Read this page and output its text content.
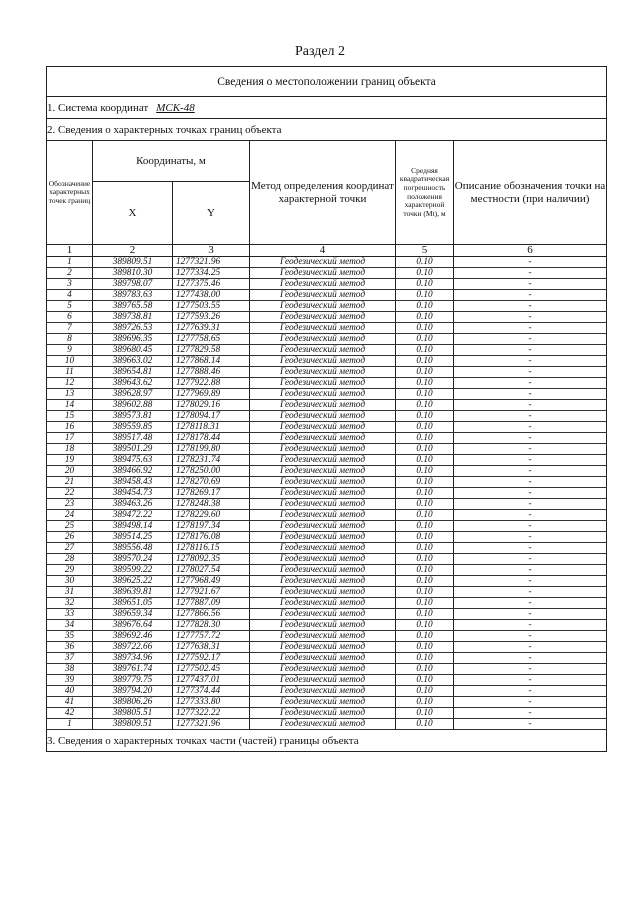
Раздел 2
Сведения о местоположении границ объекта					
1. Система координат МСК-48					
2. Сведения о характерных точках границ объекта					
Обозначение характерных точек границ	Координаты, м		Метод определения координат характерной точки	Средняя квадратическая погрешность положения характерной точки (Мt), м	Описание обозначения точки на местности (при наличии)
	X	Y			
1	2	3	4	5	6
1	389809.51	1277321.96	Геодезический метод	0.10	-
2	389810.30	1277334.25	Геодезический метод	0.10	-
3	389798.07	1277375.46	Геодезический метод	0.10	-
4	389783.63	1277438.00	Геодезический метод	0.10	-
5	389765.58	1277503.55	Геодезический метод	0.10	-
6	389738.81	1277593.26	Геодезический метод	0.10	-
7	389726.53	1277639.31	Геодезический метод	0.10	-
8	389696.35	1277758.65	Геодезический метод	0.10	-
9	389680.45	1277829.58	Геодезический метод	0.10	-
10	389663.02	1277868.14	Геодезический метод	0.10	-
11	389654.81	1277888.46	Геодезический метод	0.10	-
12	389643.62	1277922.88	Геодезический метод	0.10	-
13	389628.97	1277969.89	Геодезический метод	0.10	-
14	389602.88	1278029.16	Геодезический метод	0.10	-
15	389573.81	1278094.17	Геодезический метод	0.10	-
16	389559.85	1278118.31	Геодезический метод	0.10	-
17	389517.48	1278178.44	Геодезический метод	0.10	-
18	389501.29	1278199.80	Геодезический метод	0.10	-
19	389475.63	1278231.74	Геодезический метод	0.10	-
20	389466.92	1278250.00	Геодезический метод	0.10	-
21	389458.43	1278270.69	Геодезический метод	0.10	-
22	389454.73	1278269.17	Геодезический метод	0.10	-
23	389463.26	1278248.38	Геодезический метод	0.10	-
24	389472.22	1278229.60	Геодезический метод	0.10	-
25	389498.14	1278197.34	Геодезический метод	0.10	-
26	389514.25	1278176.08	Геодезический метод	0.10	-
27	389556.48	1278116.15	Геодезический метод	0.10	-
28	389570.24	1278092.35	Геодезический метод	0.10	-
29	389599.22	1278027.54	Геодезический метод	0.10	-
30	389625.22	1277968.49	Геодезический метод	0.10	-
31	389639.81	1277921.67	Геодезический метод	0.10	-
32	389651.05	1277887.09	Геодезический метод	0.10	-
33	389659.34	1277866.56	Геодезический метод	0.10	-
34	389676.64	1277828.30	Геодезический метод	0.10	-
35	389692.46	1277757.72	Геодезический метод	0.10	-
36	389722.66	1277638.31	Геодезический метод	0.10	-
37	389734.96	1277592.17	Геодезический метод	0.10	-
38	389761.74	1277502.45	Геодезический метод	0.10	-
39	389779.75	1277437.01	Геодезический метод	0.10	-
40	389794.20	1277374.44	Геодезический метод	0.10	-
41	389806.26	1277333.80	Геодезический метод	0.10	-
42	389805.51	1277322.22	Геодезический метод	0.10	-
1	389809.51	1277321.96	Геодезический метод	0.10	-
3. Сведения о характерных точках части (частей) границы объекта					
